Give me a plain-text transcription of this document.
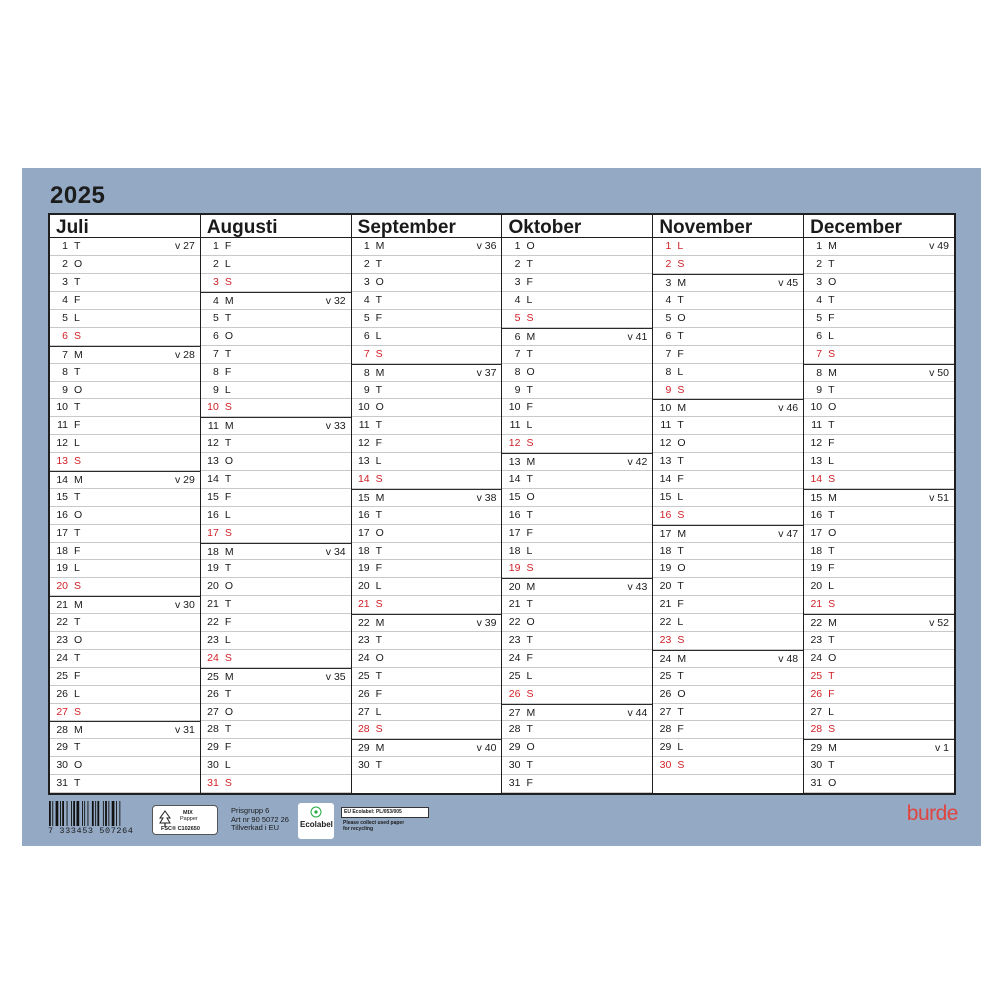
2025
Juli
1 T	v 27
2 O
3 T
4 F
5 L
6 S
7 M	v 28
8 T
9 O
10 T
11 F
12 L
13 S
14 M	v 29
15 T
16 O
17 T
18 F
19 L
20 S
21 M	v 30
22 T
23 O
24 T
25 F
26 L
27 S
28 M	v 31
29 T
30 O
31 T
Augusti
1 F
2 L
3 S
4 M	v 32
5 T
6 O
7 T
8 F
9 L
10 S
11 M	v 33
12 T
13 O
14 T
15 F
16 L
17 S
18 M	v 34
19 T
20 O
21 T
22 F
23 L
24 S
25 M	v 35
26 T
27 O
28 T
29 F
30 L
31 S
September
1 M	v 36
2 T
3 O
4 T
5 F
6 L
7 S
8 M	v 37
9 T
10 O
11 T
12 F
13 L
14 S
15 M	v 38
16 T
17 O
18 T
19 F
20 L
21 S
22 M	v 39
23 T
24 O
25 T
26 F
27 L
28 S
29 M	v 40
30 T
Oktober
1 O
2 T
3 F
4 L
5 S
6 M	v 41
7 T
8 O
9 T
10 F
11 L
12 S
13 M	v 42
14 T
15 O
16 T
17 F
18 L
19 S
20 M	v 43
21 T
22 O
23 T
24 F
25 L
26 S
27 M	v 44
28 T
29 O
30 T
31 F
November
1 L
2 S
3 M	v 45
4 T
5 O
6 T
7 F
8 L
9 S
10 M	v 46
11 T
12 O
13 T
14 F
15 L
16 S
17 M	v 47
18 T
19 O
20 T
21 F
22 L
23 S
24 M	v 48
25 T
26 O
27 T
28 F
29 L
30 S
December
1 M	v 49
2 T
3 O
4 T
5 F
6 L
7 S
8 M	v 50
9 T
10 O
11 T
12 F
13 L
14 S
15 M	v 51
16 T
17 O
18 T
19 F
20 L
21 S
22 M	v 52
23 T
24 O
25 T
26 F
27 L
28 S
29 M	v 1
30 T
31 O
7 333453 507264
MIX
Papper
FSC® C102650
Prisgrupp 6
Art nr 90 5072 26
Tillverkad i EU	Ecolabel
EU Ecolabel: PL/053/005
Please collect used paper
for recycling
burde
